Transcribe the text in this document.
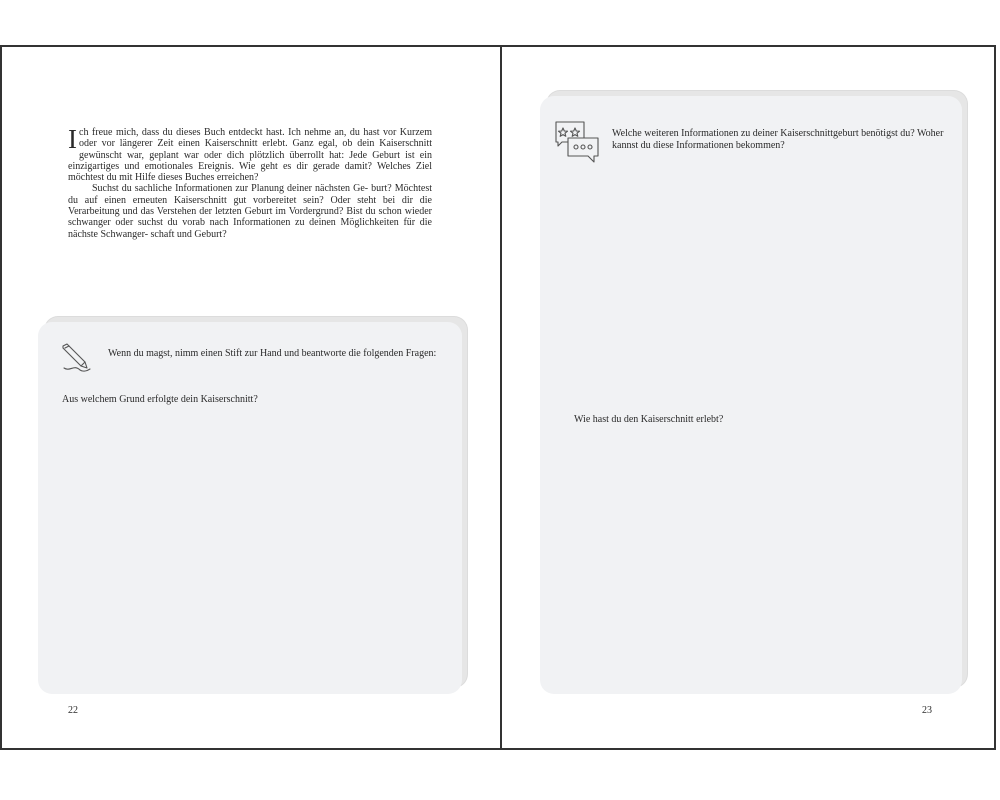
Ich freue mich, dass du dieses Buch entdeckt hast. Ich nehme an, du hast vor Kurzem oder vor längerer Zeit einen Kaiserschnitt erlebt. Ganz egal, ob dein Kaiserschnitt gewünscht war, geplant war oder dich plötzlich überrollt hat: Jede Geburt ist ein einzigartiges und emotionales Ereignis. Wie geht es dir gerade damit? Welches Ziel möchtest du mit Hilfe dieses Buches erreichen?

Suchst du sachliche Informationen zur Planung deiner nächsten Ge- burt? Möchtest du auf einen erneuten Kaiserschnitt gut vorbereitet sein? Oder steht bei dir die Verarbeitung und das Verstehen der letzten Geburt im Vordergrund? Bist du schon wieder schwanger oder suchst du vorab nach Informationen zu deinen Möglichkeiten für die nächste Schwanger- schaft und Geburt?

Wenn du magst, nimm einen Stift zur Hand und beantworte die folgenden Fragen:

Aus welchem Grund erfolgte dein Kaiserschnitt?

22

Welche weiteren Informationen zu deiner Kaiserschnittgeburt benötigst du? Woher kannst du diese Informationen bekommen?

Wie hast du den Kaiserschnitt erlebt?

23
